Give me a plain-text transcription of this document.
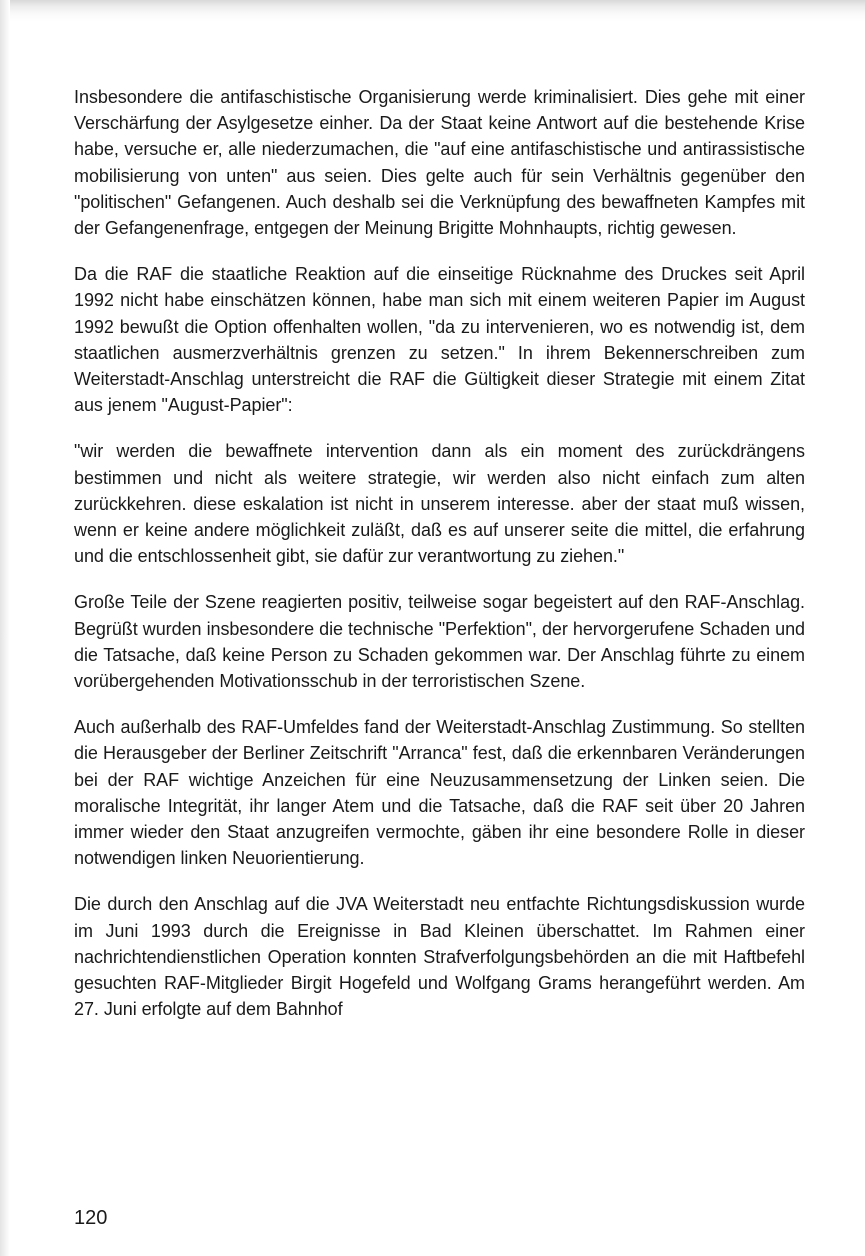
Insbesondere die antifaschistische Organisierung werde kriminalisiert. Dies gehe mit einer Verschärfung der Asylgesetze einher. Da der Staat keine Antwort auf die bestehende Krise habe, versuche er, alle niederzumachen, die "auf eine antifaschistische und antirassistische mobilisierung von unten" aus seien. Dies gelte auch für sein Verhältnis gegenüber den "politischen" Gefangenen. Auch deshalb sei die Verknüpfung des bewaffneten Kampfes mit der Gefangenenfrage, entgegen der Meinung Brigitte Mohnhaupts, richtig gewesen.

Da die RAF die staatliche Reaktion auf die einseitige Rücknahme des Druckes seit April 1992 nicht habe einschätzen können, habe man sich mit einem weiteren Papier im August 1992 bewußt die Option offenhalten wollen, "da zu intervenieren, wo es notwendig ist, dem staatlichen ausmerzverhältnis grenzen zu setzen." In ihrem Bekennerschreiben zum Weiterstadt-Anschlag unterstreicht die RAF die Gültigkeit dieser Strategie mit einem Zitat aus jenem "August-Papier":

"wir werden die bewaffnete intervention dann als ein moment des zurückdrängens bestimmen und nicht als weitere strategie, wir werden also nicht einfach zum alten zurückkehren. diese eskalation ist nicht in unserem interesse. aber der staat muß wissen, wenn er keine andere möglichkeit zuläßt, daß es auf unserer seite die mittel, die erfahrung und die entschlossenheit gibt, sie dafür zur verantwortung zu ziehen."

Große Teile der Szene reagierten positiv, teilweise sogar begeistert auf den RAF-Anschlag. Begrüßt wurden insbesondere die technische "Perfektion", der hervorgerufene Schaden und die Tatsache, daß keine Person zu Schaden gekommen war. Der Anschlag führte zu einem vorübergehenden Motivationsschub in der terroristischen Szene.

Auch außerhalb des RAF-Umfeldes fand der Weiterstadt-Anschlag Zustimmung. So stellten die Herausgeber der Berliner Zeitschrift "Arranca" fest, daß die erkennbaren Veränderungen bei der RAF wichtige Anzeichen für eine Neuzusammensetzung der Linken seien. Die moralische Integrität, ihr langer Atem und die Tatsache, daß die RAF seit über 20 Jahren immer wieder den Staat anzugreifen vermochte, gäben ihr eine besondere Rolle in dieser notwendigen linken Neuorientierung.

Die durch den Anschlag auf die JVA Weiterstadt neu entfachte Richtungsdiskussion wurde im Juni 1993 durch die Ereignisse in Bad Kleinen überschattet. Im Rahmen einer nachrichtendienstlichen Operation konnten Strafverfolgungsbehörden an die mit Haftbefehl gesuchten RAF-Mitglieder Birgit Hogefeld und Wolfgang Grams herangeführt werden. Am 27. Juni erfolgte auf dem Bahnhof

120
